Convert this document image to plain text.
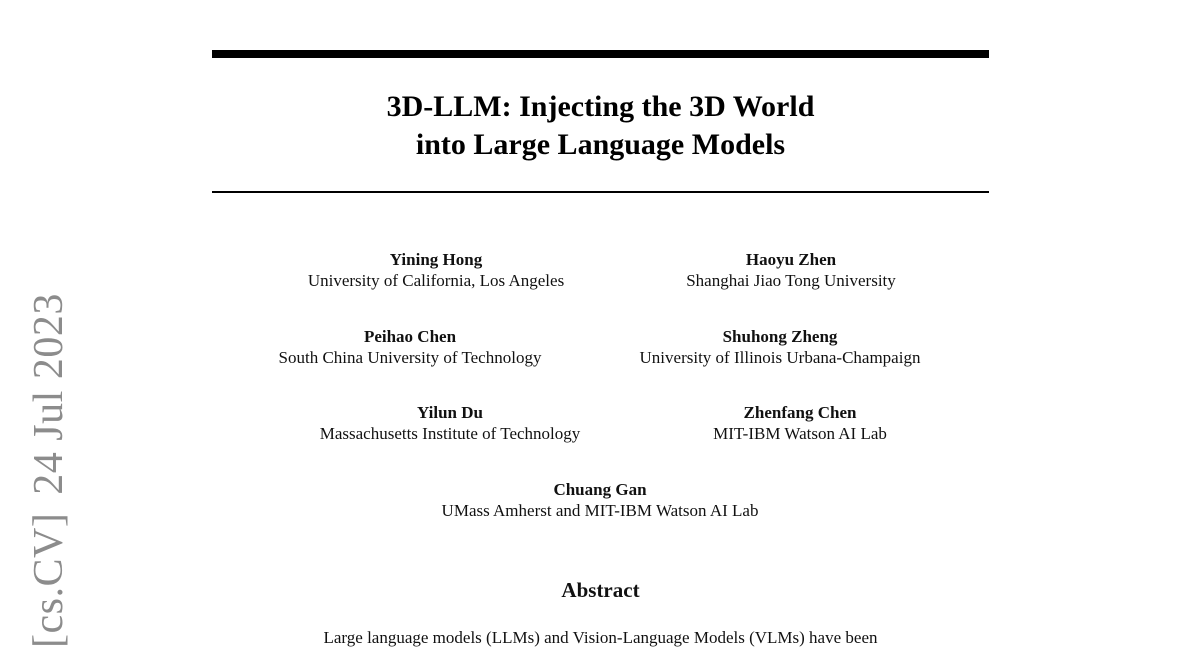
[cs.CV]24 Jul 2023
3D-LLM: Injecting the 3D World
into Large Language Models
Yining Hong
University of California, Los Angeles
Haoyu Zhen
Shanghai Jiao Tong University
Peihao Chen
South China University of Technology
Shuhong Zheng
University of Illinois Urbana-Champaign
Yilun Du
Massachusetts Institute of Technology
Zhenfang Chen
MIT-IBM Watson AI Lab
Chuang Gan
UMass Amherst and MIT-IBM Watson AI Lab
Abstract
Large language models (LLMs) and Vision-Language Models (VLMs) have been
